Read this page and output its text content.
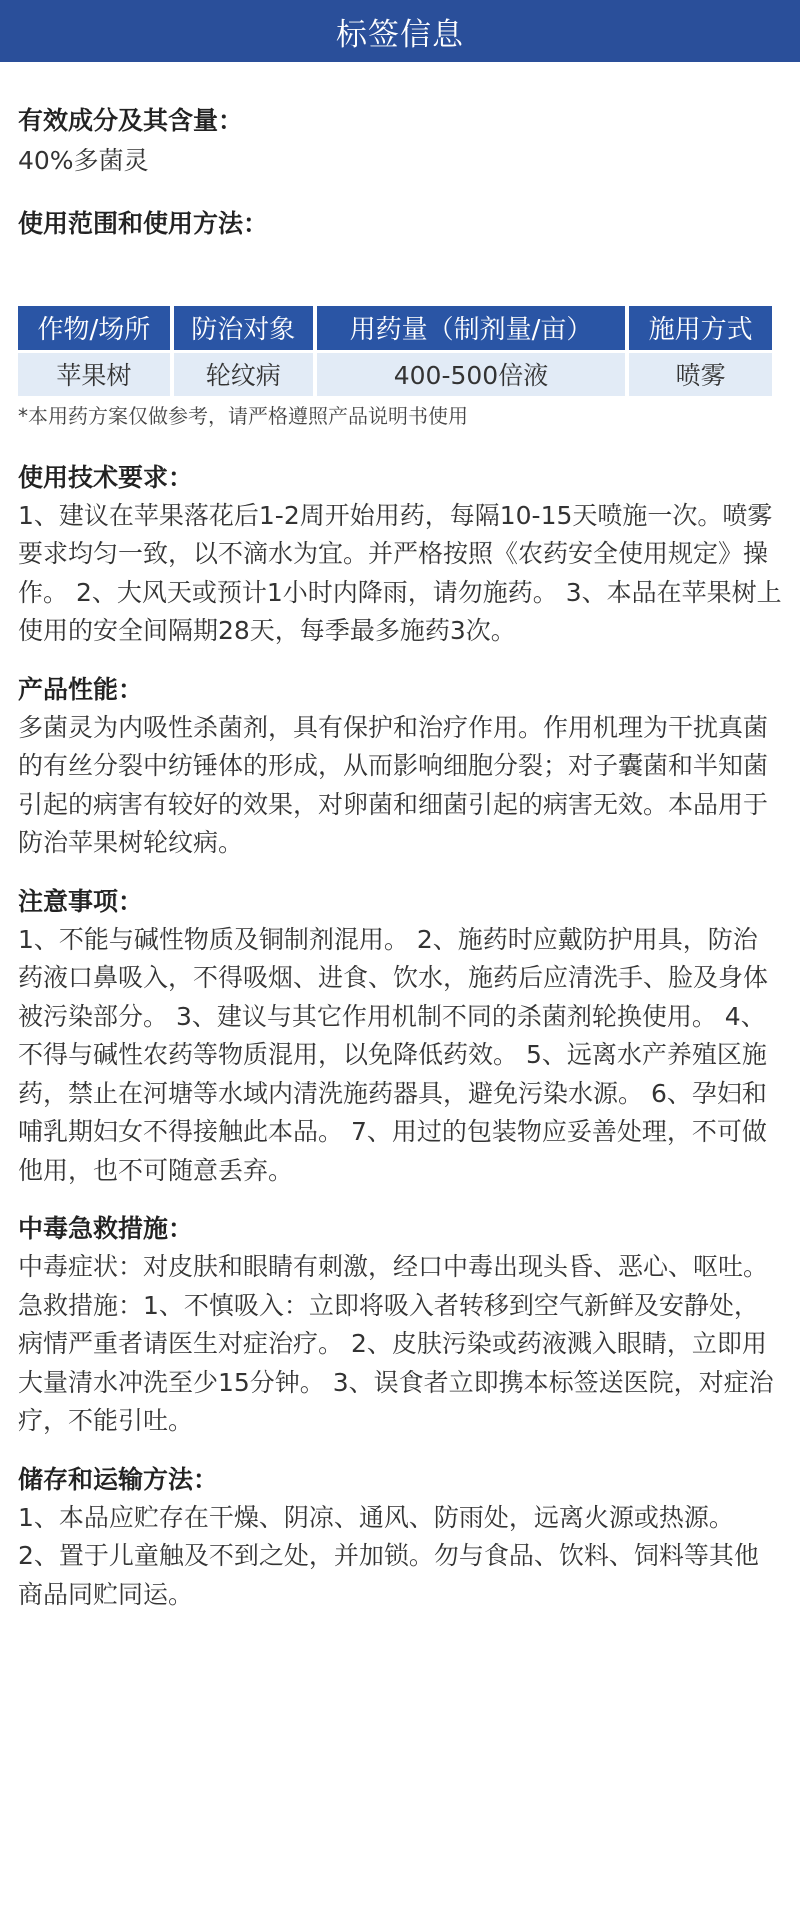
标签信息

有效成分及其含量：

40%多菌灵

使用范围和使用方法：

作物/场所	防治对象	用药量（制剂量/亩）	施用方式
苹果树	轮纹病	400-500倍液	喷雾
*本用药方案仅做参考，请严格遵照产品说明书使用

使用技术要求：

1、建议在苹果落花后1-2周开始用药，每隔10-15天喷施一次。喷雾要求均匀一致，以不滴水为宜。并严格按照《农药安全使用规定》操作。 2、大风天或预计1小时内降雨，请勿施药。 3、本品在苹果树上使用的安全间隔期28天，每季最多施药3次。

产品性能：

多菌灵为内吸性杀菌剂，具有保护和治疗作用。作用机理为干扰真菌的有丝分裂中纺锤体的形成，从而影响细胞分裂；对子囊菌和半知菌引起的病害有较好的效果，对卵菌和细菌引起的病害无效。本品用于防治苹果树轮纹病。

注意事项：

1、不能与碱性物质及铜制剂混用。 2、施药时应戴防护用具，防治药液口鼻吸入，不得吸烟、进食、饮水，施药后应清洗手、脸及身体被污染部分。 3、建议与其它作用机制不同的杀菌剂轮换使用。 4、不得与碱性农药等物质混用，以免降低药效。 5、远离水产养殖区施药，禁止在河塘等水域内清洗施药器具，避免污染水源。 6、孕妇和哺乳期妇女不得接触此本品。 7、用过的包装物应妥善处理，不可做他用，也不可随意丢弃。

中毒急救措施：

中毒症状：对皮肤和眼睛有刺激，经口中毒出现头昏、恶心、呕吐。 急救措施：1、不慎吸入：立即将吸入者转移到空气新鲜及安静处，病情严重者请医生对症治疗。 2、皮肤污染或药液溅入眼睛，立即用大量清水冲洗至少15分钟。 3、误食者立即携本标签送医院，对症治疗，不能引吐。

储存和运输方法：

1、本品应贮存在干燥、阴凉、通风、防雨处，远离火源或热源。 2、置于儿童触及不到之处，并加锁。勿与食品、饮料、饲料等其他商品同贮同运。
